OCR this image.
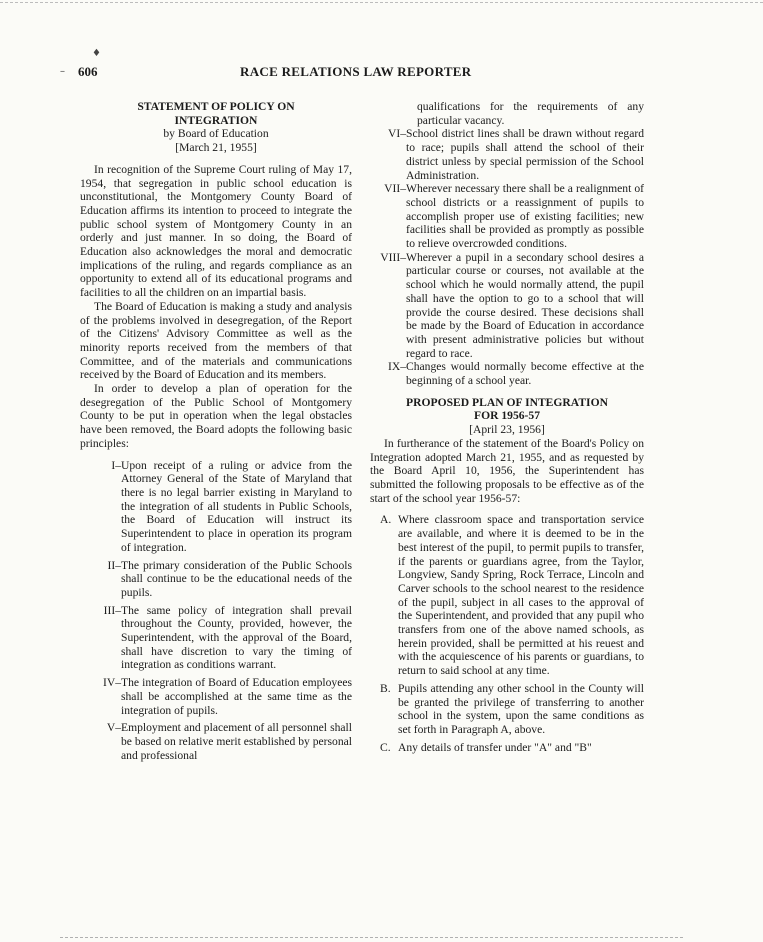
606	RACE RELATIONS LAW REPORTER
STATEMENT OF POLICY ON
INTEGRATION
by Board of Education
[March 21, 1955]

In recognition of the Supreme Court ruling of May 17, 1954, that segregation in public school education is unconstitutional, the Montgomery County Board of Education affirms its intention to proceed to integrate the public school system of Montgomery County in an orderly and just manner. In so doing, the Board of Education also acknowledges the moral and democratic implications of the ruling, and regards compliance as an opportunity to extend all of its educational programs and facilities to all the children on an impartial basis.

The Board of Education is making a study and analysis of the problems involved in desegregation, of the Report of the Citizens' Advisory Committee as well as the minority reports received from the members of that Committee, and of the materials and communications received by the Board of Education and its members.

In order to develop a plan of operation for the desegregation of the Public School of Montgomery County to be put in operation when the legal obstacles have been removed, the Board adopts the following basic principles:

I– Upon receipt of a ruling or advice from the Attorney General of the State of Maryland that there is no legal barrier existing in Maryland to the integration of all students in Public Schools, the Board of Education will instruct its Superintendent to place in operation its program of integration.
II– The primary consideration of the Public Schools shall continue to be the educational needs of the pupils.
III– The same policy of integration shall prevail throughout the County, provided, however, the Superintendent, with the approval of the Board, shall have discretion to vary the timing of integration as conditions warrant.
IV– The integration of Board of Education employees shall be accomplished at the same time as the integration of pupils.
V– Employment and placement of all personnel shall be based on relative merit established by personal and professional

qualifications for the requirements of any particular vacancy.

VI– School district lines shall be drawn without regard to race; pupils shall attend the school of their district unless by special permission of the School Administration.
VII– Wherever necessary there shall be a realignment of school districts or a reassignment of pupils to accomplish proper use of existing facilities; new facilities shall be provided as promptly as possible to relieve overcrowded conditions.
VIII– Wherever a pupil in a secondary school desires a particular course or courses, not available at the school which he would normally attend, the pupil shall have the option to go to a school that will provide the course desired. These decisions shall be made by the Board of Education in accordance with present administrative policies but without regard to race.
IX– Changes would normally become effective at the beginning of a school year.
PROPOSED PLAN OF INTEGRATION
FOR 1956-57
[April 23, 1956]

In furtherance of the statement of the Board's Policy on Integration adopted March 21, 1955, and as requested by the Board April 10, 1956, the Superintendent has submitted the following proposals to be effective as of the start of the school year 1956-57:

A. Where classroom space and transportation service are available, and where it is deemed to be in the best interest of the pupil, to permit pupils to transfer, if the parents or guardians agree, from the Taylor, Longview, Sandy Spring, Rock Terrace, Lincoln and Carver schools to the school nearest to the residence of the pupil, subject in all cases to the approval of the Superintendent, and provided that any pupil who transfers from one of the above named schools, as herein provided, shall be permitted at his reuest and with the acquiescence of his parents or guardians, to return to said school at any time.
B. Pupils attending any other school in the County will be granted the privilege of transferring to another school in the system, upon the same conditions as set forth in Paragraph A, above.
C. Any details of transfer under "A" and "B"
♦
–
